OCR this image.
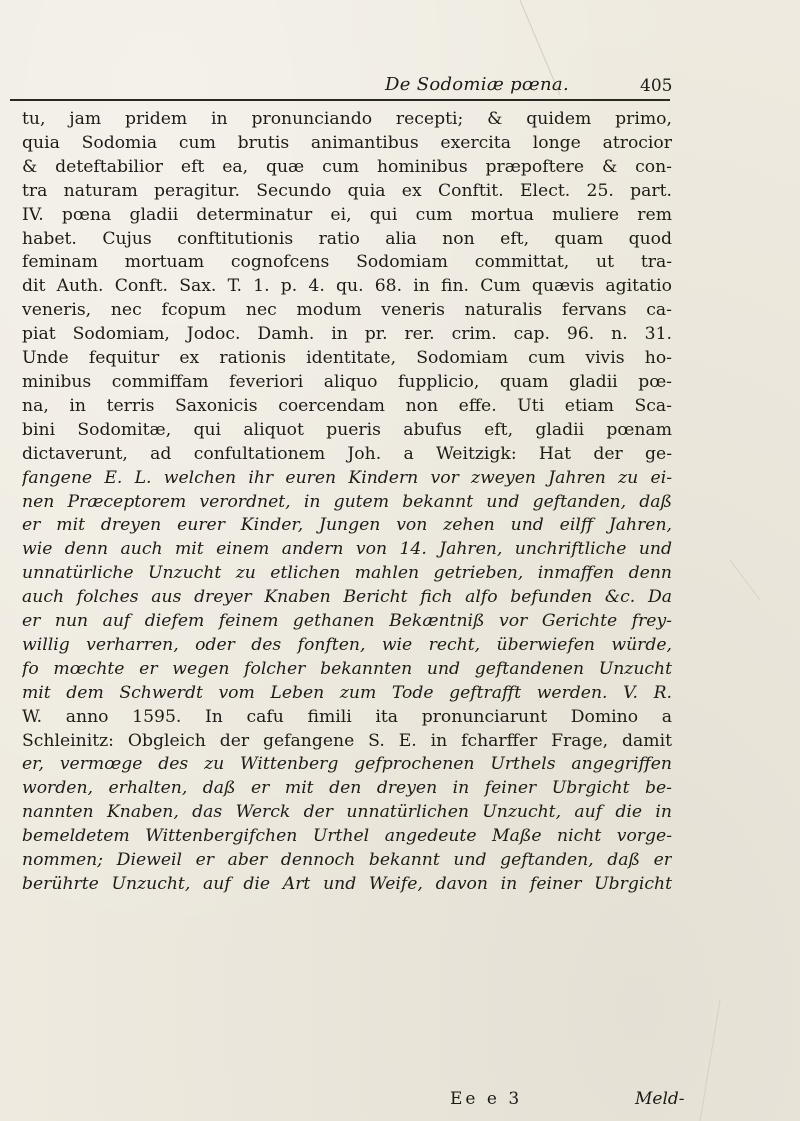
De Sodomiæ pœna.	405
tu, jam pridem in pronunciando recepti; & quidem primo,
quia Sodomia cum brutis animantibus exercita longe atrocior
& deteftabilior eft ea, quæ cum hominibus præpoftere & con-
tra naturam peragitur. Secundo quia ex Conftit. Elect. 25. part.
IV. pœna gladii determinatur ei, qui cum mortua muliere rem
habet. Cujus conftitutionis ratio alia non eft, quam quod
feminam mortuam cognofcens Sodomiam committat, ut tra-
dit Auth. Conft. Sax. T. 1. p. 4. qu. 68. in fin. Cum quævis agitatio
veneris, nec fcopum nec modum veneris naturalis fervans ca-
piat Sodomiam, Jodoc. Damh. in pr. rer. crim. cap. 96. n. 31.
Unde fequitur ex rationis identitate, Sodomiam cum vivis ho-
minibus commiffam feveriori aliquo fupplicio, quam gladii pœ-
na, in terris Saxonicis coercendam non effe. Uti etiam Sca-
bini Sodomitæ, qui aliquot pueris abufus eft, gladii pœnam
dictaverunt, ad confultationem Joh. a Weitzigk: Hat der ge-
fangene E. L. welchen ihr euren Kindern vor zweyen Jahren zu ei-
nen Præceptorem verordnet, in gutem bekannt und geftanden, daß
er mit dreyen eurer Kinder, Jungen von zehen und eilff Jahren,
wie denn auch mit einem andern von 14. Jahren, unchriftliche und
unnatürliche Unzucht zu etlichen mahlen getrieben, inmaffen denn
auch folches aus dreyer Knaben Bericht fich alfo befunden &c. Da
er nun auf diefem feinem gethanen Bekæntniß vor Gerichte frey-
willig verharren, oder des fonften, wie recht, überwiefen würde,
fo mœchte er wegen folcher bekannten und geftandenen Unzucht
mit dem Schwerdt vom Leben zum Tode geftrafft werden. V. R.
W. anno 1595. In cafu fimili ita pronunciarunt Domino a
Schleinitz: Obgleich der gefangene S. E. in fcharffer Frage, damit
er, vermœge des zu Wittenberg gefprochenen Urthels angegriffen
worden, erhalten, daß er mit den dreyen in feiner Ubrgicht be-
nannten Knaben, das Werck der unnatürlichen Unzucht, auf die in
bemeldetem Wittenbergifchen Urthel angedeute Maße nicht vorge-
nommen; Dieweil er aber dennoch bekannt und geftanden, daß er
berührte Unzucht, auf die Art und Weife, davon in feiner Ubrgicht
Ee e 3	Meld-
